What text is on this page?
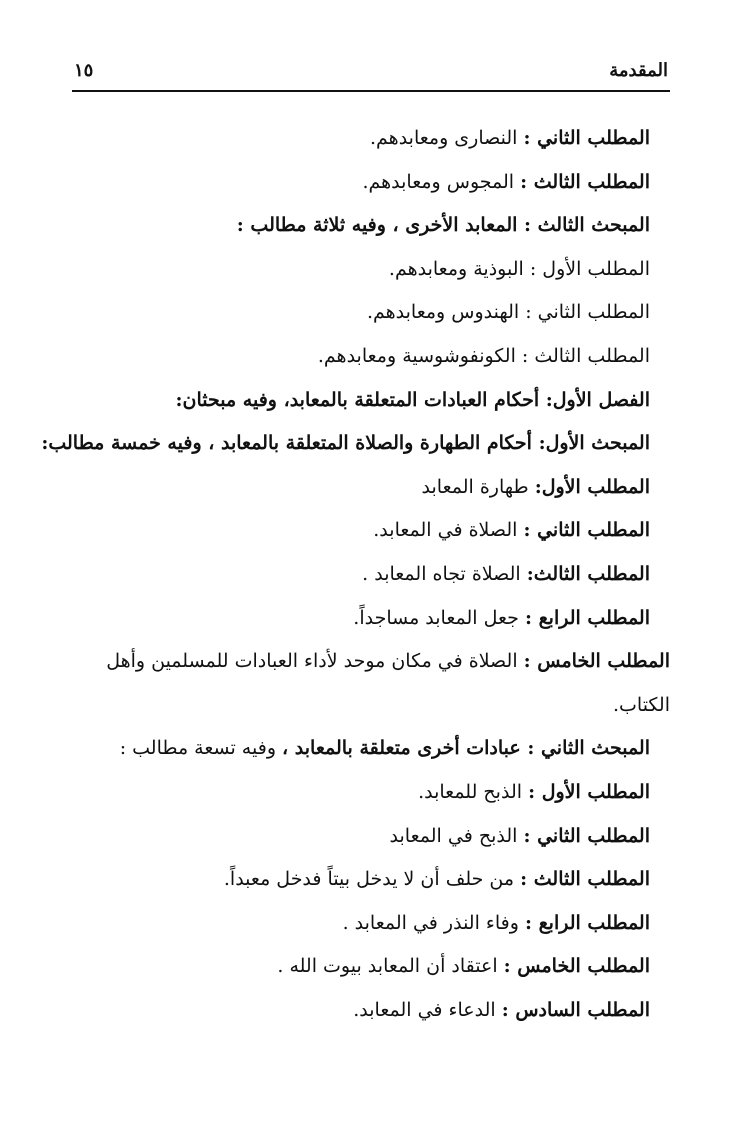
المقدمة
١٥
المطلب الثاني : النصارى ومعابدهم.
المطلب الثالث : المجوس ومعابدهم.
المبحث الثالث : المعابد الأخرى ، وفيه ثلاثة مطالب :
المطلب الأول : البوذية ومعابدهم.
المطلب الثاني : الهندوس ومعابدهم.
المطلب الثالث : الكونفوشوسية ومعابدهم.
الفصل الأول: أحكام العبادات المتعلقة بالمعابد، وفيه مبحثان:
المبحث الأول: أحكام الطهارة والصلاة المتعلقة بالمعابد ، وفيه خمسة مطالب:
المطلب الأول: طهارة المعابد
المطلب الثاني : الصلاة في المعابد.
المطلب الثالث: الصلاة تجاه المعابد .
المطلب الرابع : جعل المعابد مساجداً.
المطلب الخامس : الصلاة في مكان موحد لأداء العبادات للمسلمين وأهل الكتاب.
المبحث الثاني : عبادات أخرى متعلقة بالمعابد ، وفيه تسعة مطالب :
المطلب الأول : الذبح للمعابد.
المطلب الثاني : الذبح في المعابد
المطلب الثالث : من حلف أن لا يدخل بيتاً فدخل معبداً.
المطلب الرابع : وفاء النذر في المعابد .
المطلب الخامس : اعتقاد أن المعابد بيوت الله .
المطلب السادس : الدعاء في المعابد.
